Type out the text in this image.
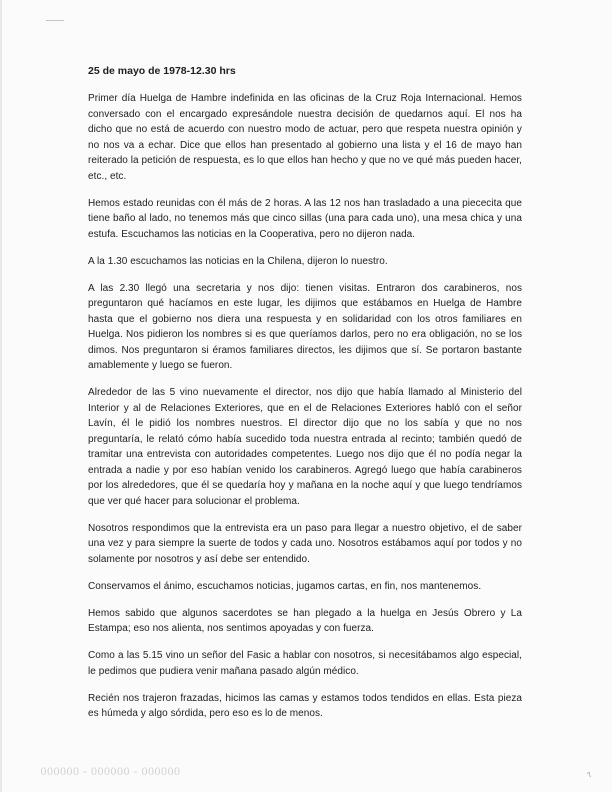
25 de mayo de 1978-12.30 hrs

Primer día Huelga de Hambre indefinida en las oficinas de la Cruz Roja Internacional. Hemos conversado con el encargado expresándole nuestra decisión de quedarnos aquí. El nos ha dicho que no está de acuerdo con nuestro modo de actuar, pero que respeta nuestra opinión y no nos va a echar. Dice que ellos han presentado al gobierno una lista y el 16 de mayo han reiterado la petición de respuesta, es lo que ellos han hecho y que no ve qué más pueden hacer, etc., etc.

Hemos estado reunidas con él más de 2 horas. A las 12 nos han trasladado a una piececita que tiene baño al lado, no tenemos más que cinco sillas (una para cada uno), una mesa chica y una estufa. Escuchamos las noticias en la Cooperativa, pero no dijeron nada.

A la 1.30 escuchamos las noticias en la Chilena, dijeron lo nuestro.

A las 2.30 llegó una secretaria y nos dijo: tienen visitas. Entraron dos carabineros, nos preguntaron qué hacíamos en este lugar, les dijimos que estábamos en Huelga de Hambre hasta que el gobierno nos diera una respuesta y en solidaridad con los otros familiares en Huelga. Nos pidieron los nombres si es que queríamos darlos, pero no era obligación, no se los dimos. Nos preguntaron si éramos familiares directos, les dijimos que sí. Se portaron bastante amablemente y luego se fueron.

Alrededor de las 5 vino nuevamente el director, nos dijo que había llamado al Ministerio del Interior y al de Relaciones Exteriores, que en el de Relaciones Exteriores habló con el señor Lavín, él le pidió los nombres nuestros. El director dijo que no los sabía y que no nos preguntaría, le relató cómo había sucedido toda nuestra entrada al recinto; también quedó de tramitar una entrevista con autoridades competentes. Luego nos dijo que él no podía negar la entrada a nadie y por eso habían venido los carabineros. Agregó luego que había carabineros por los alrededores, que él se quedaría hoy y mañana en la noche aquí y que luego tendríamos que ver qué hacer para solucionar el problema.

Nosotros respondimos que la entrevista era un paso para llegar a nuestro objetivo, el de saber una vez y para siempre la suerte de todos y cada uno. Nosotros estábamos aquí por todos y no solamente por nosotros y así debe ser entendido.

Conservamos el ánimo, escuchamos noticias, jugamos cartas, en fin, nos mantenemos.

Hemos sabido que algunos sacerdotes se han plegado a la huelga en Jesús Obrero y La Estampa; eso nos alienta, nos sentimos apoyadas y con fuerza.

Como a las 5.15 vino un señor del Fasic a hablar con nosotros, si necesitábamos algo especial, le pedimos que pudiera venir mañana pasado algún médico.

Recién nos trajeron frazadas, hicimos las camas y estamos todos tendidos en ellas. Esta pieza es húmeda y algo sórdida, pero eso es lo de menos.

000000 - 000000 - 000000	7
